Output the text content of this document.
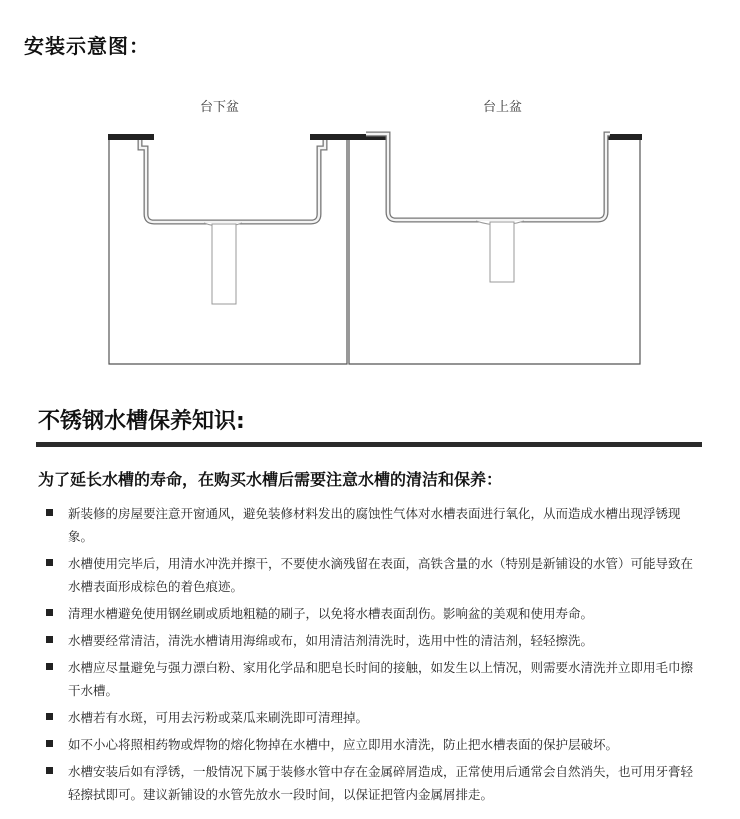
安装示意图：
台下盆	台上盆
不锈钢水槽保养知识:
为了延长水槽的寿命，在购买水槽后需要注意水槽的清洁和保养：
新装修的房屋要注意开窗通风，避免装修材料发出的腐蚀性气体对水槽表面进行氧化，从而造成水槽出现浮锈现象。
水槽使用完毕后，用清水冲洗并擦干，不要使水滴残留在表面，高铁含量的水（特别是新铺设的水管）可能导致在水槽表面形成棕色的着色痕迹。
清理水槽避免使用钢丝刷或质地粗糙的刷子，以免将水槽表面刮伤。影响盆的美观和使用寿命。
水槽要经常清洁，清洗水槽请用海绵或布，如用清洁剂清洗时，选用中性的清洁剂，轻轻擦洗。
水槽应尽量避免与强力漂白粉、家用化学品和肥皂长时间的接触，如发生以上情况，则需要水清洗并立即用毛巾擦干水槽。
水槽若有水斑，可用去污粉或菜瓜来刷洗即可清理掉。
如不小心将照相药物或焊物的熔化物掉在水槽中，应立即用水清洗，防止把水槽表面的保护层破坏。
水槽安装后如有浮锈，一般情况下属于装修水管中存在金属碎屑造成，正常使用后通常会自然消失，也可用牙膏轻轻擦拭即可。建议新铺设的水管先放水一段时间，以保证把管内金属屑排走。
